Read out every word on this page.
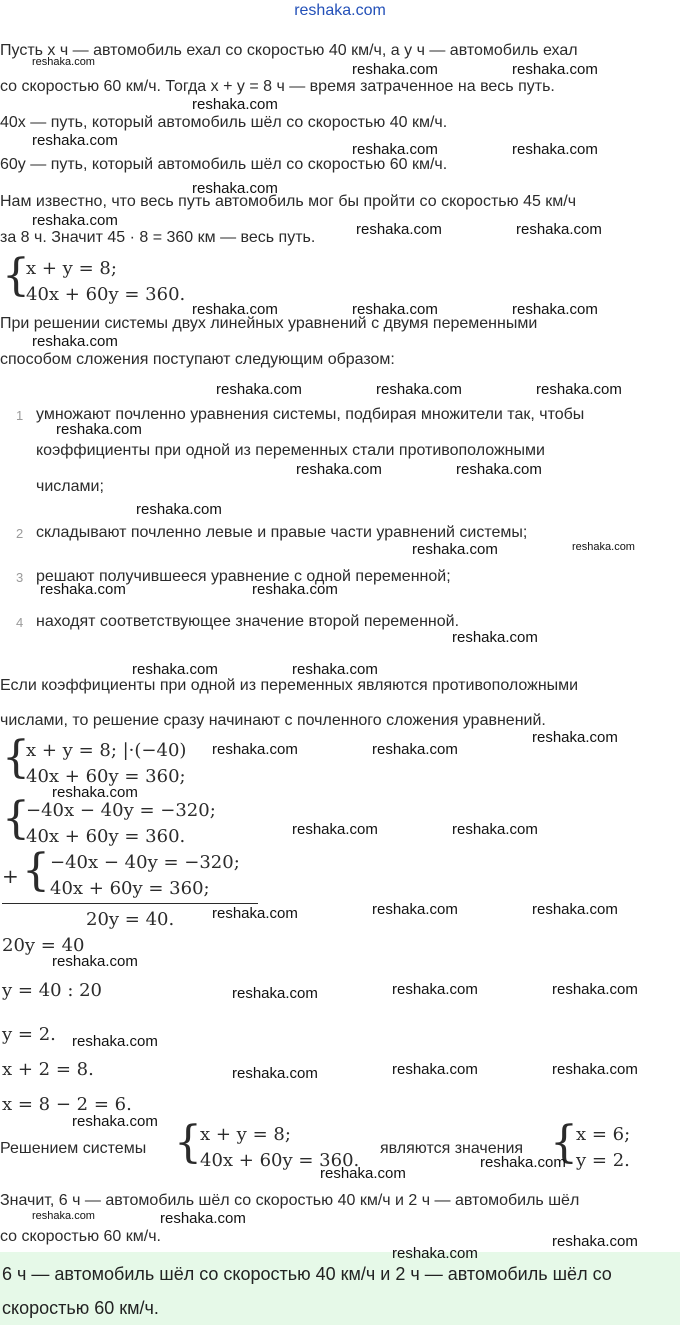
reshaka.com
Пусть x ч — автомобиль ехал со скоростью 40 км/ч, а y ч — автомобиль ехал
со скоростью 60 км/ч. Тогда x + y = 8 ч — время затраченное на весь путь.
40x — путь, который автомобиль шёл со скоростью 40 км/ч.
60y — путь, который автомобиль шёл со скоростью 60 км/ч.
Нам известно, что весь путь автомобиль мог бы пройти со скоростью 45 км/ч
за 8 ч. Значит 45 · 8 = 360 км — весь путь.
{
x + y = 8;
40x + 60y = 360.
При решении системы двух линейных уравнений с двумя переменными
способом сложения поступают следующим образом:
1 умножают почленно уравнения системы, подбирая множители так, чтобы
коэффициенты при одной из переменных стали противоположными
числами;
2 складывают почленно левые и правые части уравнений системы;
3 решают получившееся уравнение с одной переменной;
4 находят соответствующее значение второй переменной.
Если коэффициенты при одной из переменных являются противоположными
числами, то решение сразу начинают с почленного сложения уравнений.
{
x + y = 8; |·(−40)
40x + 60y = 360;
{
−40x − 40y = −320;
40x + 60y = 360.
+ { −40x − 40y = −320;
40x + 60y = 360;
20y = 40.
20y = 40
y = 40 : 20
y = 2.
x + 2 = 8.
x = 8 − 2 = 6.
Решением системы {
x + y = 8;
40x + 60y = 360.
являются значения {
x = 6;
y = 2.
Значит, 6 ч — автомобиль шёл со скоростью 40 км/ч и 2 ч — автомобиль шёл
со скоростью 60 км/ч.
6 ч — автомобиль шёл со скоростью 40 км/ч и 2 ч — автомобиль шёл со
скоростью 60 км/ч.
reshaka.com	reshaka.com	reshaka.com
reshaka.com
reshaka.com
reshaka.com	reshaka.com
reshaka.com
reshaka.com
reshaka.com	reshaka.com
reshaka.com	reshaka.com	reshaka.com
reshaka.com
reshaka.com	reshaka.com	reshaka.com
reshaka.com
reshaka.com	reshaka.com
reshaka.com
reshaka.com	reshaka.com
reshaka.com	reshaka.com
reshaka.com
reshaka.com	reshaka.com
reshaka.com
reshaka.com	reshaka.com
reshaka.com
reshaka.com	reshaka.com
reshaka.com	reshaka.com	reshaka.com
reshaka.com
reshaka.com	reshaka.com	reshaka.com
reshaka.com
reshaka.com	reshaka.com	reshaka.com
reshaka.com
reshaka.com
reshaka.com
reshaka.com	reshaka.com
reshaka.com
reshaka.com
